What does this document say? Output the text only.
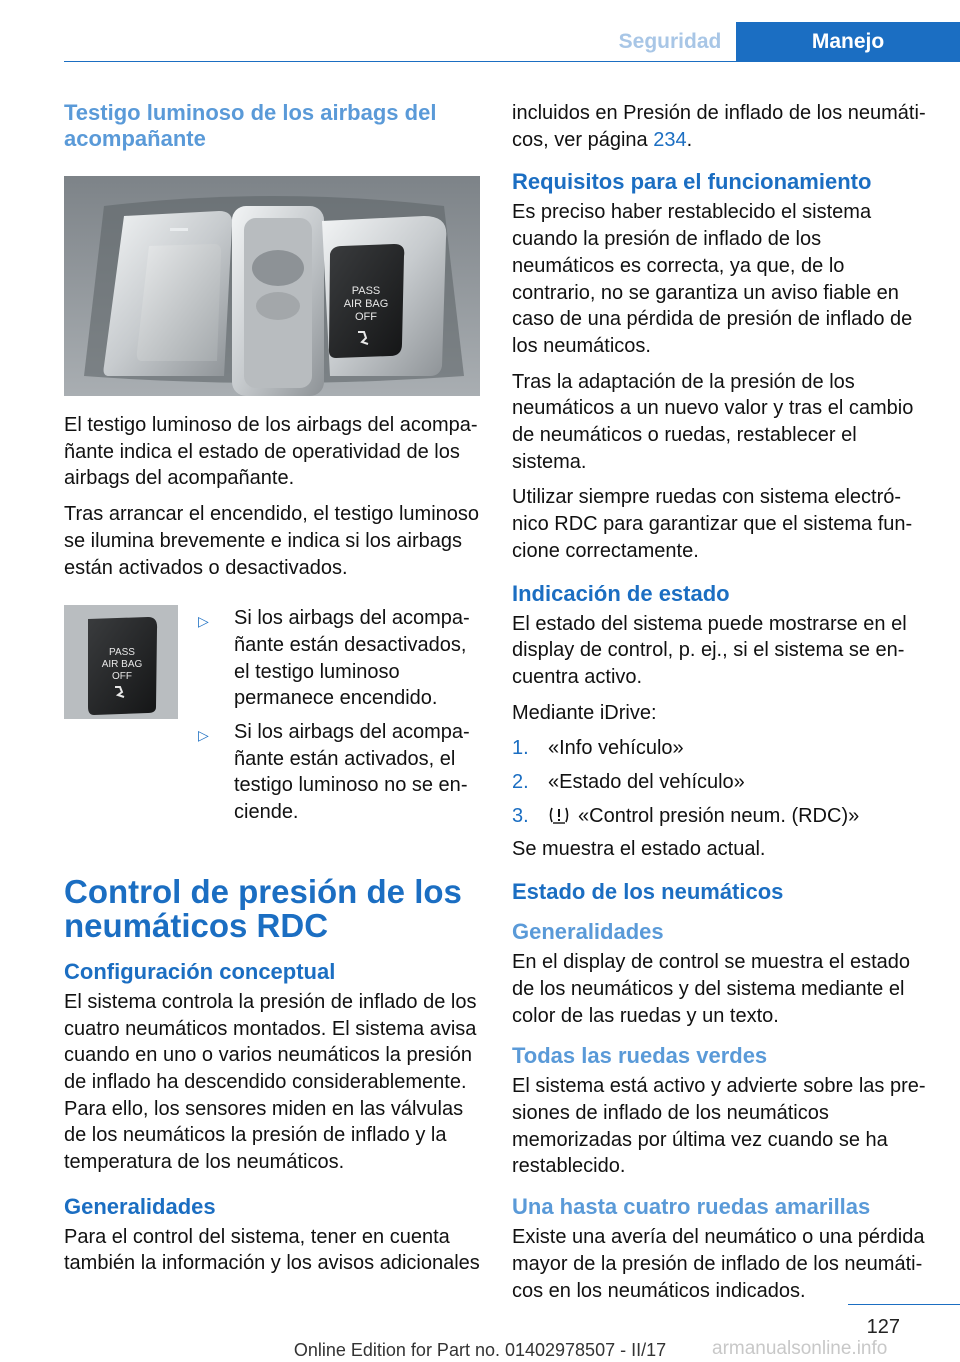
Seguridad	Manejo
Testigo luminoso de los airbags del acompañante
PASS
AIR BAG
OFF

El testigo luminoso de los airbags del acompañante indica el estado de operatividad de los airbags del acompañante.

Tras arrancar el encendido, el testigo luminoso se ilumina brevemente e indica si los airbags están activados o desactivados.

PASS
AIR BAG
OFF
▷	Si los airbags del acompañante están desactivados, el testigo luminoso permanece encendido.
▷	Si los airbags del acompañante están activados, el testigo luminoso no se enciende.
Control de presión de los neumáticos RDC
Configuración conceptual

El sistema controla la presión de inflado de los cuatro neumáticos montados. El sistema avisa cuando en uno o varios neumáticos la presión de inflado ha descendido considerablemente. Para ello, los sensores miden en las válvulas de los neumáticos la presión de inflado y la temperatura de los neumáticos.

Generalidades

Para el control del sistema, tener en cuenta también la información y los avisos adicionales

incluidos en Presión de inflado de los neumáticos, ver página 234.

Requisitos para el funcionamiento

Es preciso haber restablecido el sistema cuando la presión de inflado de los neumáticos es correcta, ya que, de lo contrario, no se garantiza un aviso fiable en caso de una pérdida de presión de inflado de los neumáticos.

Tras la adaptación de la presión de los neumáticos a un nuevo valor y tras el cambio de neumáticos o ruedas, restablecer el sistema.

Utilizar siempre ruedas con sistema electrónico RDC para garantizar que el sistema funcione correctamente.

Indicación de estado

El estado del sistema puede mostrarse en el display de control, p. ej., si el sistema se encuentra activo.

Mediante iDrive:

1. «Info vehículo»
2. «Estado del vehículo»
3.	«Control presión neum. (RDC)»

Se muestra el estado actual.

Estado de los neumáticos
Generalidades

En el display de control se muestra el estado de los neumáticos y del sistema mediante el color de las ruedas y un texto.

Todas las ruedas verdes

El sistema está activo y advierte sobre las presiones de inflado de los neumáticos memorizadas por última vez cuando se ha restablecido.

Una hasta cuatro ruedas amarillas

Existe una avería del neumático o una pérdida mayor de la presión de inflado de los neumáticos en los neumáticos indicados.

127
armanualsonline.info
Online Edition for Part no. 01402978507 - II/17
